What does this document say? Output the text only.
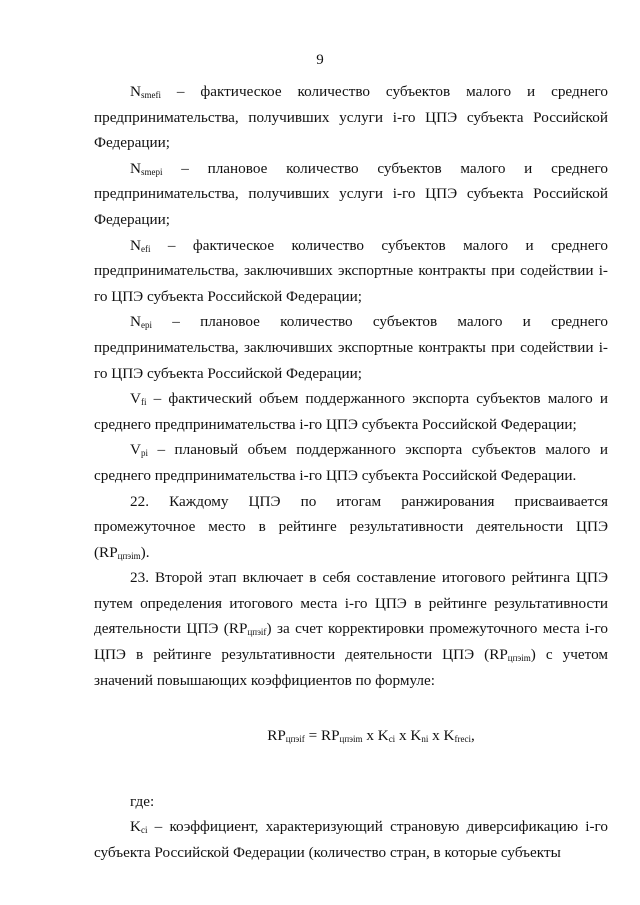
9

$N_{smefi}$ – фактическое количество субъектов малого и среднего предпринимательства, получивших услуги i-го ЦПЭ субъекта Российской Федерации;

$N_{smepi}$ – плановое количество субъектов малого и среднего предпринимательства, получивших услуги i-го ЦПЭ субъекта Российской Федерации;

$N_{efi}$ – фактическое количество субъектов малого и среднего предпринимательства, заключивших экспортные контракты при содействии i-го ЦПЭ субъекта Российской Федерации;

$N_{epi}$ – плановое количество субъектов малого и среднего предпринимательства, заключивших экспортные контракты при содействии i-го ЦПЭ субъекта Российской Федерации;

$V_{fi}$ – фактический объем поддержанного экспорта субъектов малого и среднего предпринимательства i-го ЦПЭ субъекта Российской Федерации;

$V_{pi}$ – плановый объем поддержанного экспорта субъектов малого и среднего предпринимательства i-го ЦПЭ субъекта Российской Федерации.

22. Каждому ЦПЭ по итогам ранжирования присваивается промежуточное место в рейтинге результативности деятельности ЦПЭ $(RP_{цпэim})$.

23. Второй этап включает в себя составление итогового рейтинга ЦПЭ путем определения итогового места i-го ЦПЭ в рейтинге результативности деятельности ЦПЭ $(RP_{цпэif})$ за счет корректировки промежуточного места i-го ЦПЭ в рейтинге результативности деятельности ЦПЭ $(RP_{цпэim})$ с учетом значений повышающих коэффициентов по формуле:

$RP_{цпэif} = RP_{цпэim}$ x $K_{ci}$ x $K_{ni}$ x $K_{freci}$,

где:

$K_{ci}$ – коэффициент, характеризующий страновую диверсификацию i-го субъекта Российской Федерации (количество стран, в которые субъекты
